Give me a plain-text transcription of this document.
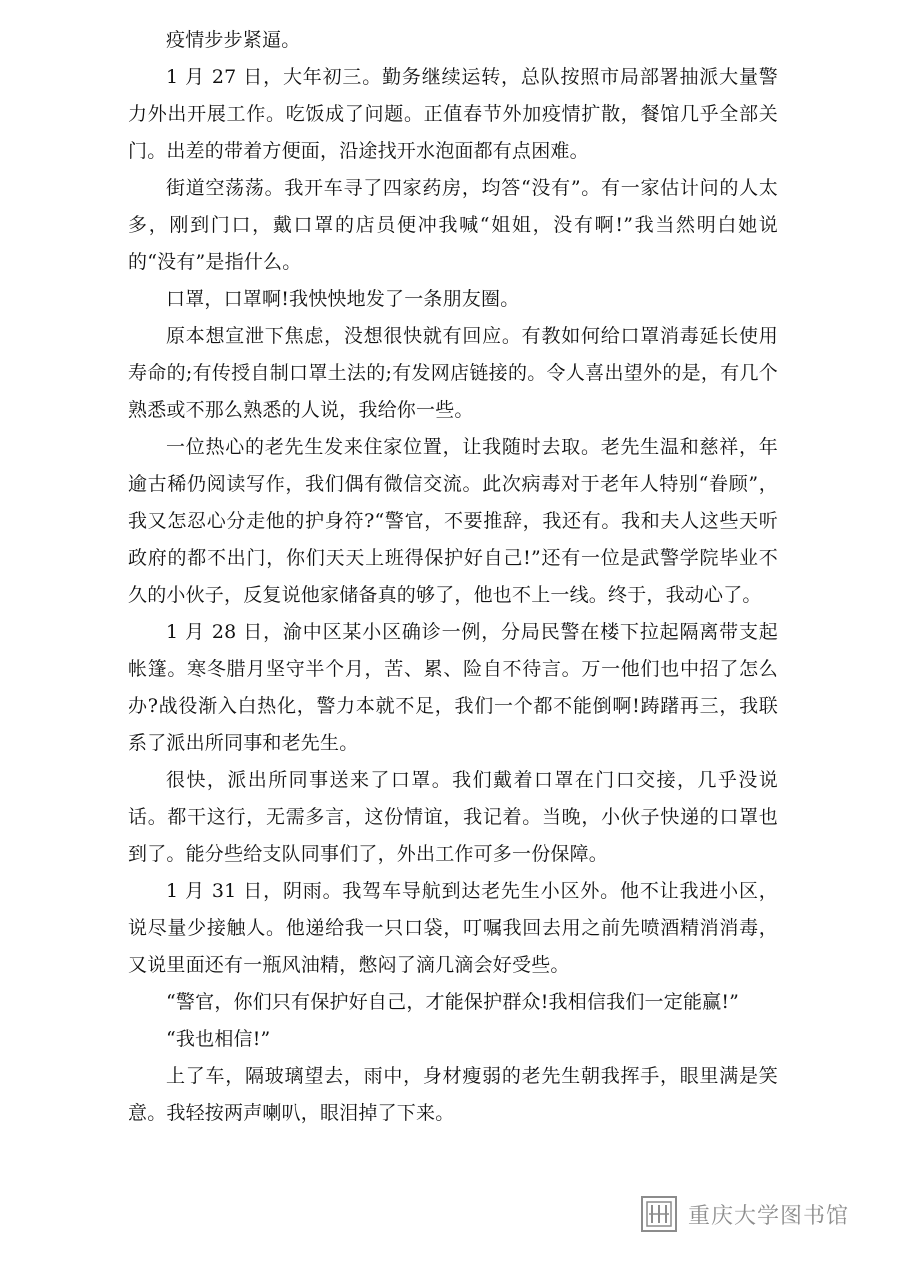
疫情步步紧逼。

1 月 27 日，大年初三。勤务继续运转，总队按照市局部署抽派大量警力外出开展工作。吃饭成了问题。正值春节外加疫情扩散，餐馆几乎全部关门。出差的带着方便面，沿途找开水泡面都有点困难。

街道空荡荡。我开车寻了四家药房，均答“没有”。有一家估计问的人太多，刚到门口，戴口罩的店员便冲我喊“姐姐，没有啊!”我当然明白她说的“没有”是指什么。

口罩，口罩啊!我怏怏地发了一条朋友圈。

原本想宣泄下焦虑，没想很快就有回应。有教如何给口罩消毒延长使用寿命的;有传授自制口罩土法的;有发网店链接的。令人喜出望外的是，有几个熟悉或不那么熟悉的人说，我给你一些。

一位热心的老先生发来住家位置，让我随时去取。老先生温和慈祥，年逾古稀仍阅读写作，我们偶有微信交流。此次病毒对于老年人特别“眷顾”，我又怎忍心分走他的护身符?“警官，不要推辞，我还有。我和夫人这些天听政府的都不出门，你们天天上班得保护好自己!”还有一位是武警学院毕业不久的小伙子，反复说他家储备真的够了，他也不上一线。终于，我动心了。

1 月 28 日，渝中区某小区确诊一例，分局民警在楼下拉起隔离带支起帐篷。寒冬腊月坚守半个月，苦、累、险自不待言。万一他们也中招了怎么办?战役渐入白热化，警力本就不足，我们一个都不能倒啊!踌躇再三，我联系了派出所同事和老先生。

很快，派出所同事送来了口罩。我们戴着口罩在门口交接，几乎没说话。都干这行，无需多言，这份情谊，我记着。当晚，小伙子快递的口罩也到了。能分些给支队同事们了，外出工作可多一份保障。

1 月 31 日，阴雨。我驾车导航到达老先生小区外。他不让我进小区，说尽量少接触人。他递给我一只口袋，叮嘱我回去用之前先喷酒精消消毒，又说里面还有一瓶风油精，憋闷了滴几滴会好受些。

“警官，你们只有保护好自己，才能保护群众!我相信我们一定能赢!”

“我也相信!”

上了车，隔玻璃望去，雨中，身材瘦弱的老先生朝我挥手，眼里满是笑意。我轻按两声喇叭，眼泪掉了下来。

重庆大学图书馆
